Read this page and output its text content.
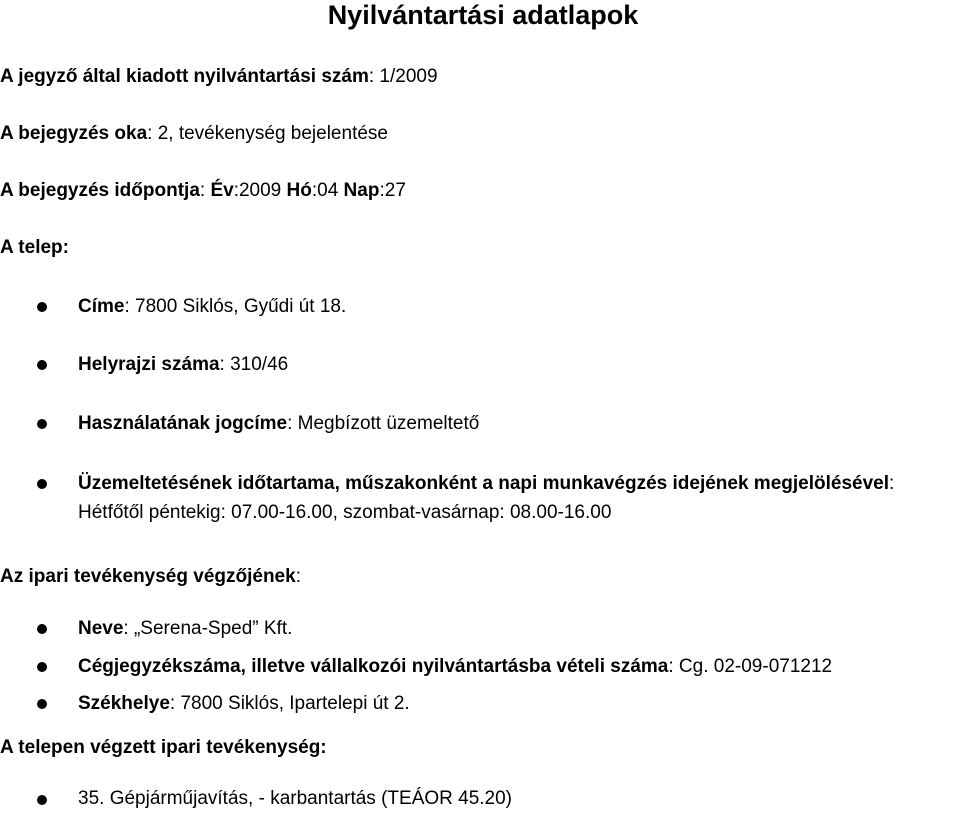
Nyilvántartási adatlapok
A jegyző által kiadott nyilvántartási szám: 1/2009
A bejegyzés oka: 2, tevékenység bejelentése
A bejegyzés időpontja: Év:2009 Hó:04 Nap:27
A telep:
Címe: 7800 Siklós, Gyűdi út 18.
Helyrajzi száma: 310/46
Használatának jogcíme: Megbízott üzemeltető
Üzemeltetésének időtartama, műszakonként a napi munkavégzés idejének megjelölésével: Hétfőtől péntekig: 07.00-16.00, szombat-vasárnap: 08.00-16.00
Az ipari tevékenység végzőjének:
Neve: „Serena-Sped” Kft.
Cégjegyzékszáma, illetve vállalkozói nyilvántartásba vételi száma: Cg. 02-09-071212
Székhelye: 7800 Siklós, Ipartelepi út 2.
A telepen végzett ipari tevékenység:
35. Gépjárműjavítás, - karbantartás (TEÁOR 45.20)
